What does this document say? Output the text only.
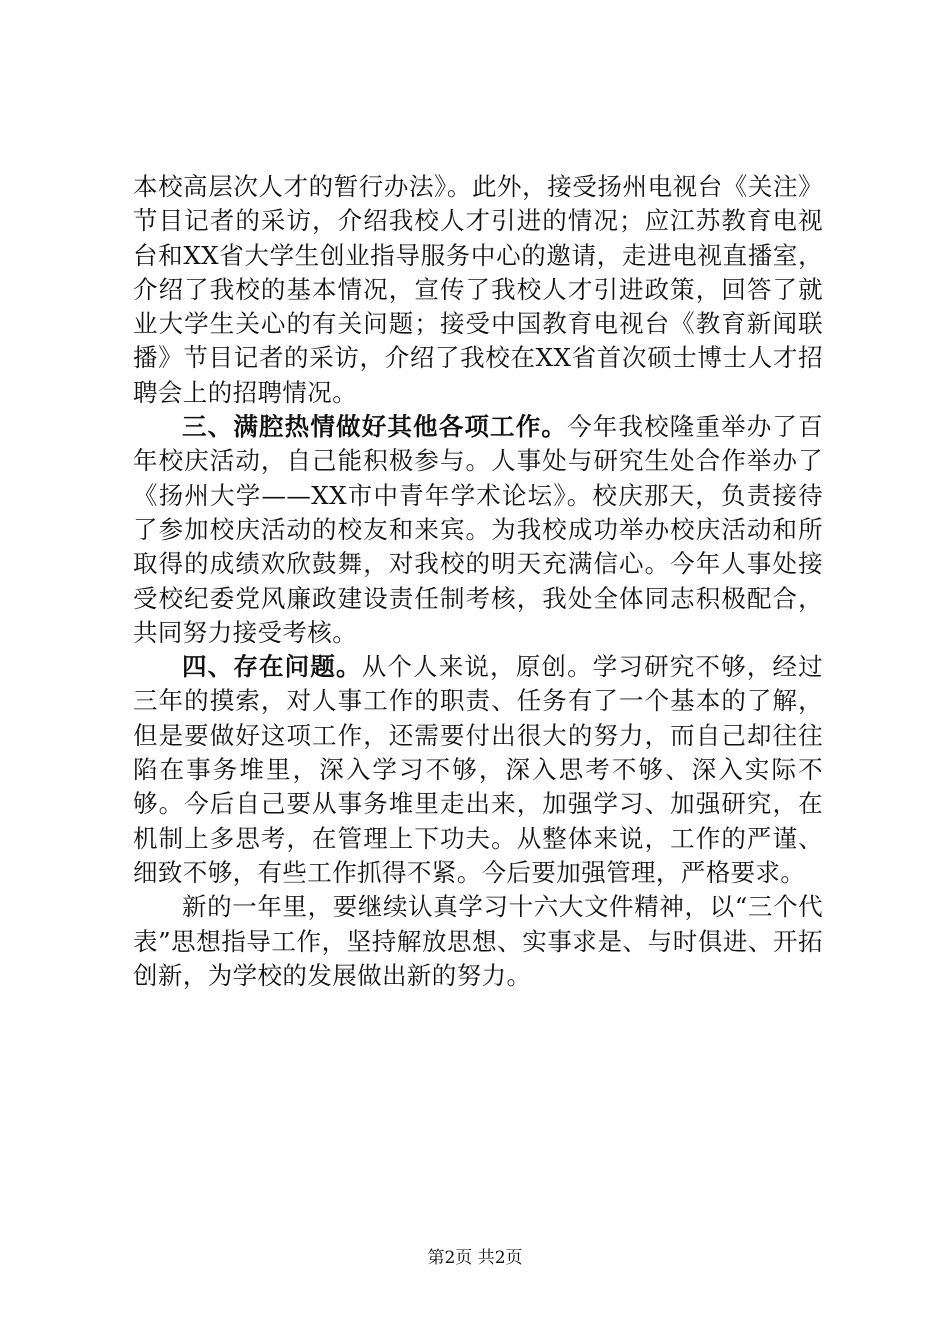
本校高层次人才的暂行办法》。此外，接受扬州电视台《关注》节目记者的采访，介绍我校人才引进的情况；应江苏教育电视台和XX省大学生创业指导服务中心的邀请，走进电视直播室，介绍了我校的基本情况，宣传了我校人才引进政策，回答了就业大学生关心的有关问题；接受中国教育电视台《教育新闻联播》节目记者的采访，介绍了我校在XX省首次硕士博士人才招聘会上的招聘情况。

三、满腔热情做好其他各项工作。今年我校隆重举办了百年校庆活动，自己能积极参与。人事处与研究生处合作举办了《扬州大学——XX市中青年学术论坛》。校庆那天，负责接待了参加校庆活动的校友和来宾。为我校成功举办校庆活动和所取得的成绩欢欣鼓舞，对我校的明天充满信心。今年人事处接受校纪委党风廉政建设责任制考核，我处全体同志积极配合，共同努力接受考核。

四、存在问题。从个人来说，原创。学习研究不够，经过三年的摸索，对人事工作的职责、任务有了一个基本的了解，但是要做好这项工作，还需要付出很大的努力，而自己却往往陷在事务堆里，深入学习不够，深入思考不够、深入实际不够。今后自己要从事务堆里走出来，加强学习、加强研究，在机制上多思考，在管理上下功夫。从整体来说，工作的严谨、细致不够，有些工作抓得不紧。今后要加强管理，严格要求。

新的一年里，要继续认真学习十六大文件精神，以“三个代表”思想指导工作，坚持解放思想、实事求是、与时俱进、开拓创新，为学校的发展做出新的努力。

第2页 共2页
